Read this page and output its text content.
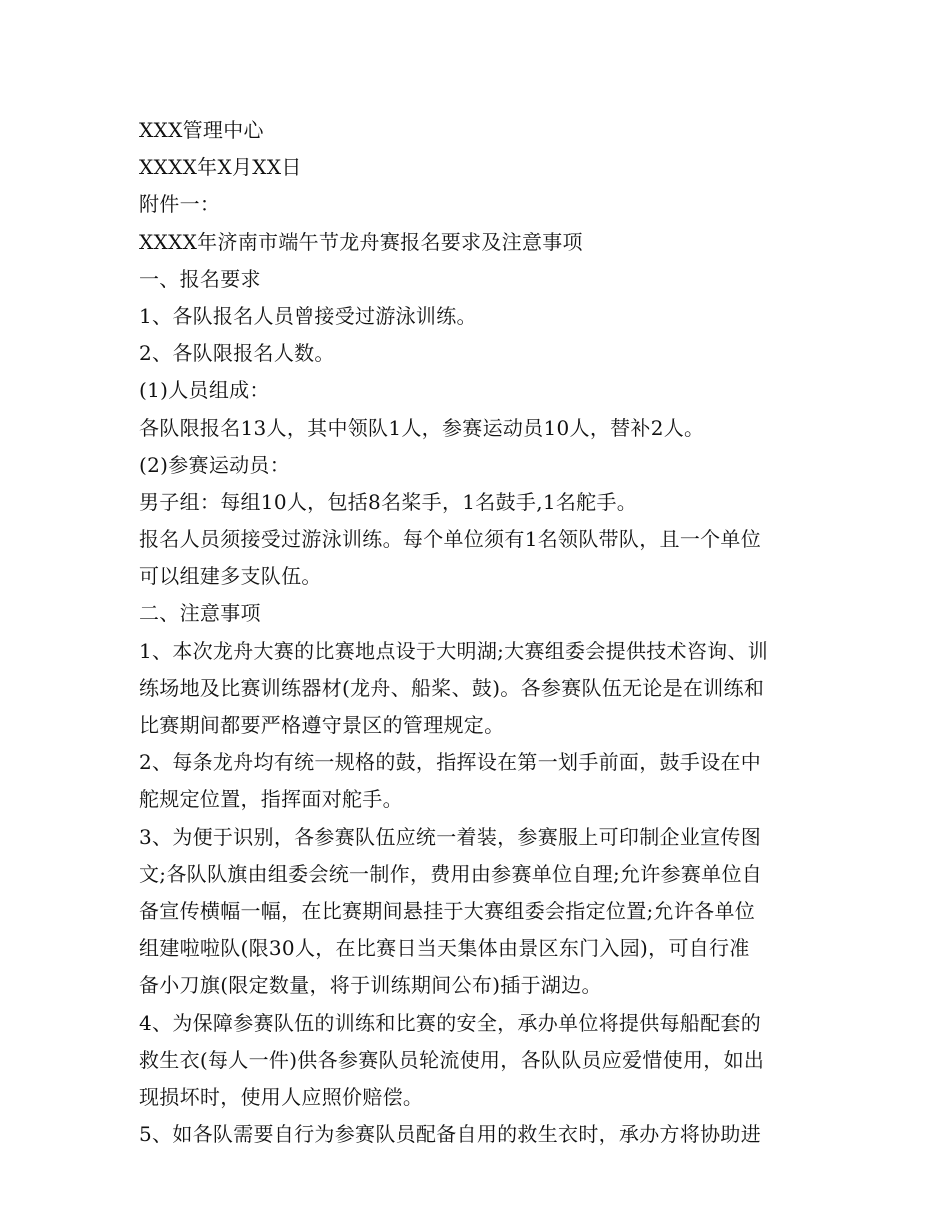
XXX管理中心
XXXX年X月XX日
附件一：
XXXX年济南市端午节龙舟赛报名要求及注意事项
一、报名要求
1、各队报名人员曾接受过游泳训练。
2、各队限报名人数。
(1)人员组成：
各队限报名13人，其中领队1人，参赛运动员10人，替补2人。
(2)参赛运动员：
男子组：每组10人，包括8名桨手，1名鼓手,1名舵手。
报名人员须接受过游泳训练。每个单位须有1名领队带队，且一个单位
可以组建多支队伍。
二、注意事项
1、本次龙舟大赛的比赛地点设于大明湖;大赛组委会提供技术咨询、训
练场地及比赛训练器材(龙舟、船桨、鼓)。各参赛队伍无论是在训练和
比赛期间都要严格遵守景区的管理规定。
2、每条龙舟均有统一规格的鼓，指挥设在第一划手前面，鼓手设在中
舵规定位置，指挥面对舵手。
3、为便于识别，各参赛队伍应统一着装，参赛服上可印制企业宣传图
文;各队队旗由组委会统一制作，费用由参赛单位自理;允许参赛单位自
备宣传横幅一幅，在比赛期间悬挂于大赛组委会指定位置;允许各单位
组建啦啦队(限30人，在比赛日当天集体由景区东门入园)，可自行准
备小刀旗(限定数量，将于训练期间公布)插于湖边。
4、为保障参赛队伍的训练和比赛的安全，承办单位将提供每船配套的
救生衣(每人一件)供各参赛队员轮流使用，各队队员应爱惜使用，如出
现损坏时，使用人应照价赔偿。
5、如各队需要自行为参赛队员配备自用的救生衣时，承办方将协助进
